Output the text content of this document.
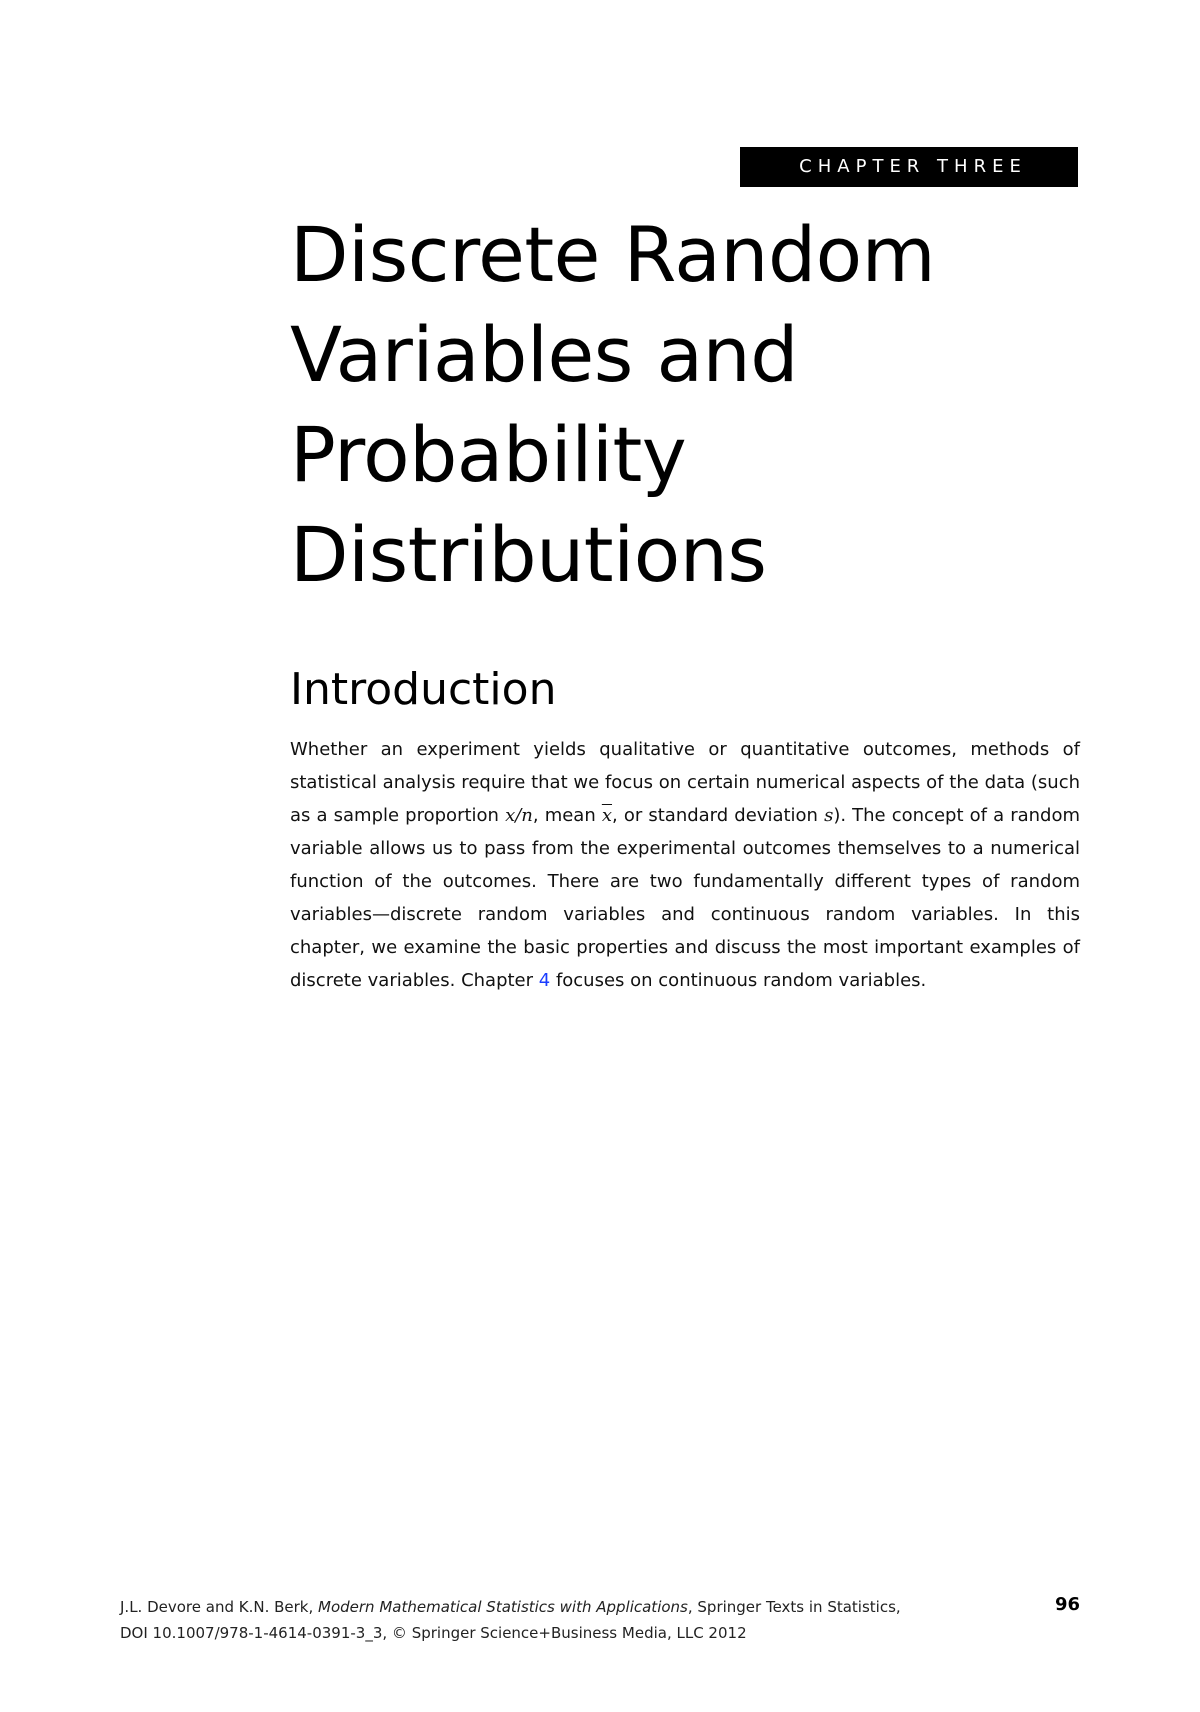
CHAPTER THREE
Discrete Random
Variables and
Probability
Distributions
Introduction

Whether an experiment yields qualitative or quantitative outcomes, methods of statistical analysis require that we focus on certain numerical aspects of the data (such as a sample proportion x/n, mean $\overline{x}$, or standard deviation s). The concept of a random variable allows us to pass from the experimental outcomes themselves to a numerical function of the outcomes. There are two fundamentally different types of random variables—discrete random variables and continuous random variables. In this chapter, we examine the basic properties and discuss the most important examples of discrete variables. Chapter 4 focuses on continuous random variables.

J.L. Devore and K.N. Berk, Modern Mathematical Statistics with Applications, Springer Texts in Statistics,
DOI 10.1007/978-1-4614-0391-3_3, © Springer Science+Business Media, LLC 2012
96
